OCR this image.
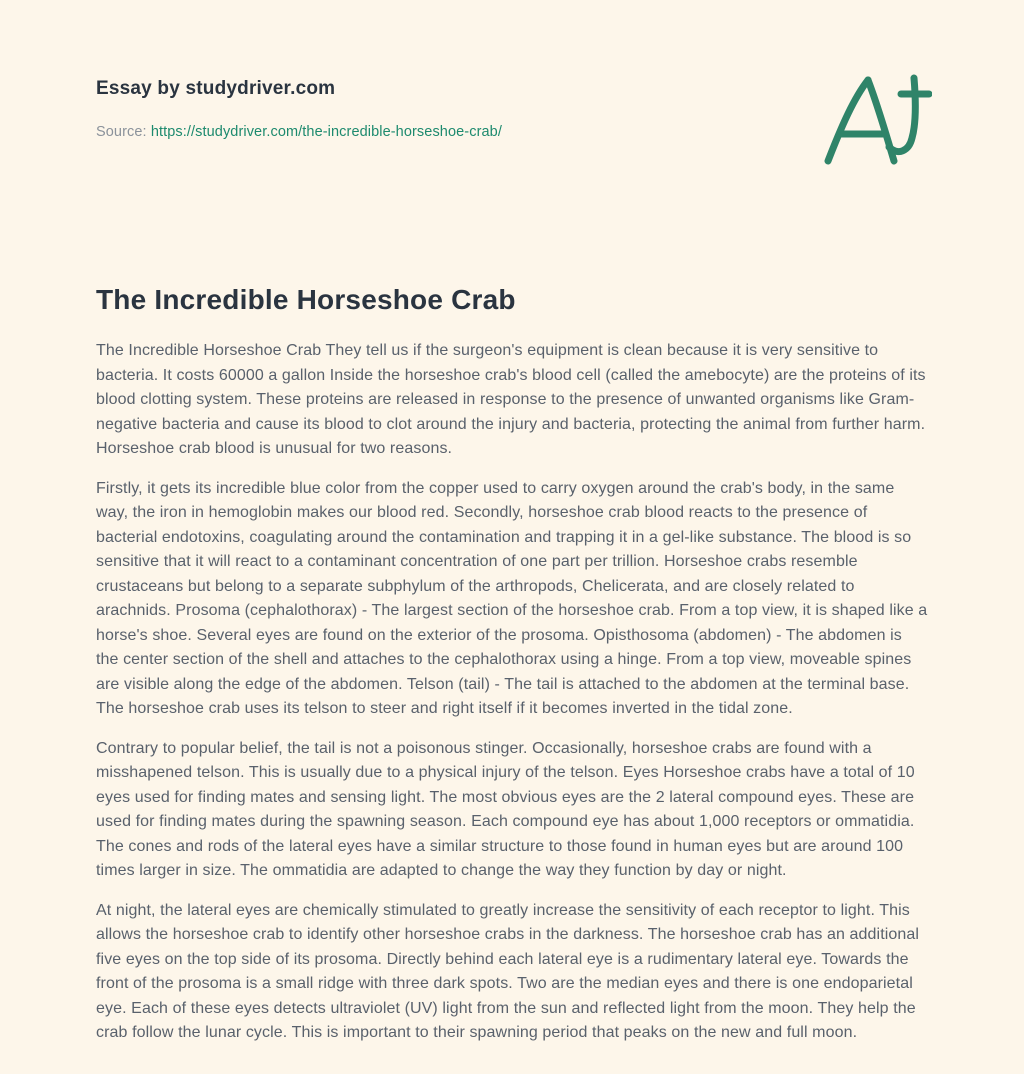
Essay by studydriver.com
Source: https://studydriver.com/the-incredible-horseshoe-crab/
The Incredible Horseshoe Crab

The Incredible Horseshoe Crab They tell us if the surgeon's equipment is clean because it is very sensitive to bacteria. It costs 60000 a gallon Inside the horseshoe crab's blood cell (called the amebocyte) are the proteins of its blood clotting system. These proteins are released in response to the presence of unwanted organisms like Gram-negative bacteria and cause its blood to clot around the injury and bacteria, protecting the animal from further harm. Horseshoe crab blood is unusual for two reasons.

Firstly, it gets its incredible blue color from the copper used to carry oxygen around the crab's body, in the same way, the iron in hemoglobin makes our blood red. Secondly, horseshoe crab blood reacts to the presence of bacterial endotoxins, coagulating around the contamination and trapping it in a gel-like substance. The blood is so sensitive that it will react to a contaminant concentration of one part per trillion. Horseshoe crabs resemble crustaceans but belong to a separate subphylum of the arthropods, Chelicerata, and are closely related to arachnids. Prosoma (cephalothorax) - The largest section of the horseshoe crab. From a top view, it is shaped like a horse's shoe. Several eyes are found on the exterior of the prosoma. Opisthosoma (abdomen) - The abdomen is the center section of the shell and attaches to the cephalothorax using a hinge. From a top view, moveable spines are visible along the edge of the abdomen. Telson (tail) - The tail is attached to the abdomen at the terminal base. The horseshoe crab uses its telson to steer and right itself if it becomes inverted in the tidal zone.

Contrary to popular belief, the tail is not a poisonous stinger. Occasionally, horseshoe crabs are found with a misshapened telson. This is usually due to a physical injury of the telson. Eyes Horseshoe crabs have a total of 10 eyes used for finding mates and sensing light. The most obvious eyes are the 2 lateral compound eyes. These are used for finding mates during the spawning season. Each compound eye has about 1,000 receptors or ommatidia. The cones and rods of the lateral eyes have a similar structure to those found in human eyes but are around 100 times larger in size. The ommatidia are adapted to change the way they function by day or night.

At night, the lateral eyes are chemically stimulated to greatly increase the sensitivity of each receptor to light. This allows the horseshoe crab to identify other horseshoe crabs in the darkness. The horseshoe crab has an additional five eyes on the top side of its prosoma. Directly behind each lateral eye is a rudimentary lateral eye. Towards the front of the prosoma is a small ridge with three dark spots. Two are the median eyes and there is one endoparietal eye. Each of these eyes detects ultraviolet (UV) light from the sun and reflected light from the moon. They help the crab follow the lunar cycle. This is important to their spawning period that peaks on the new and full moon.
